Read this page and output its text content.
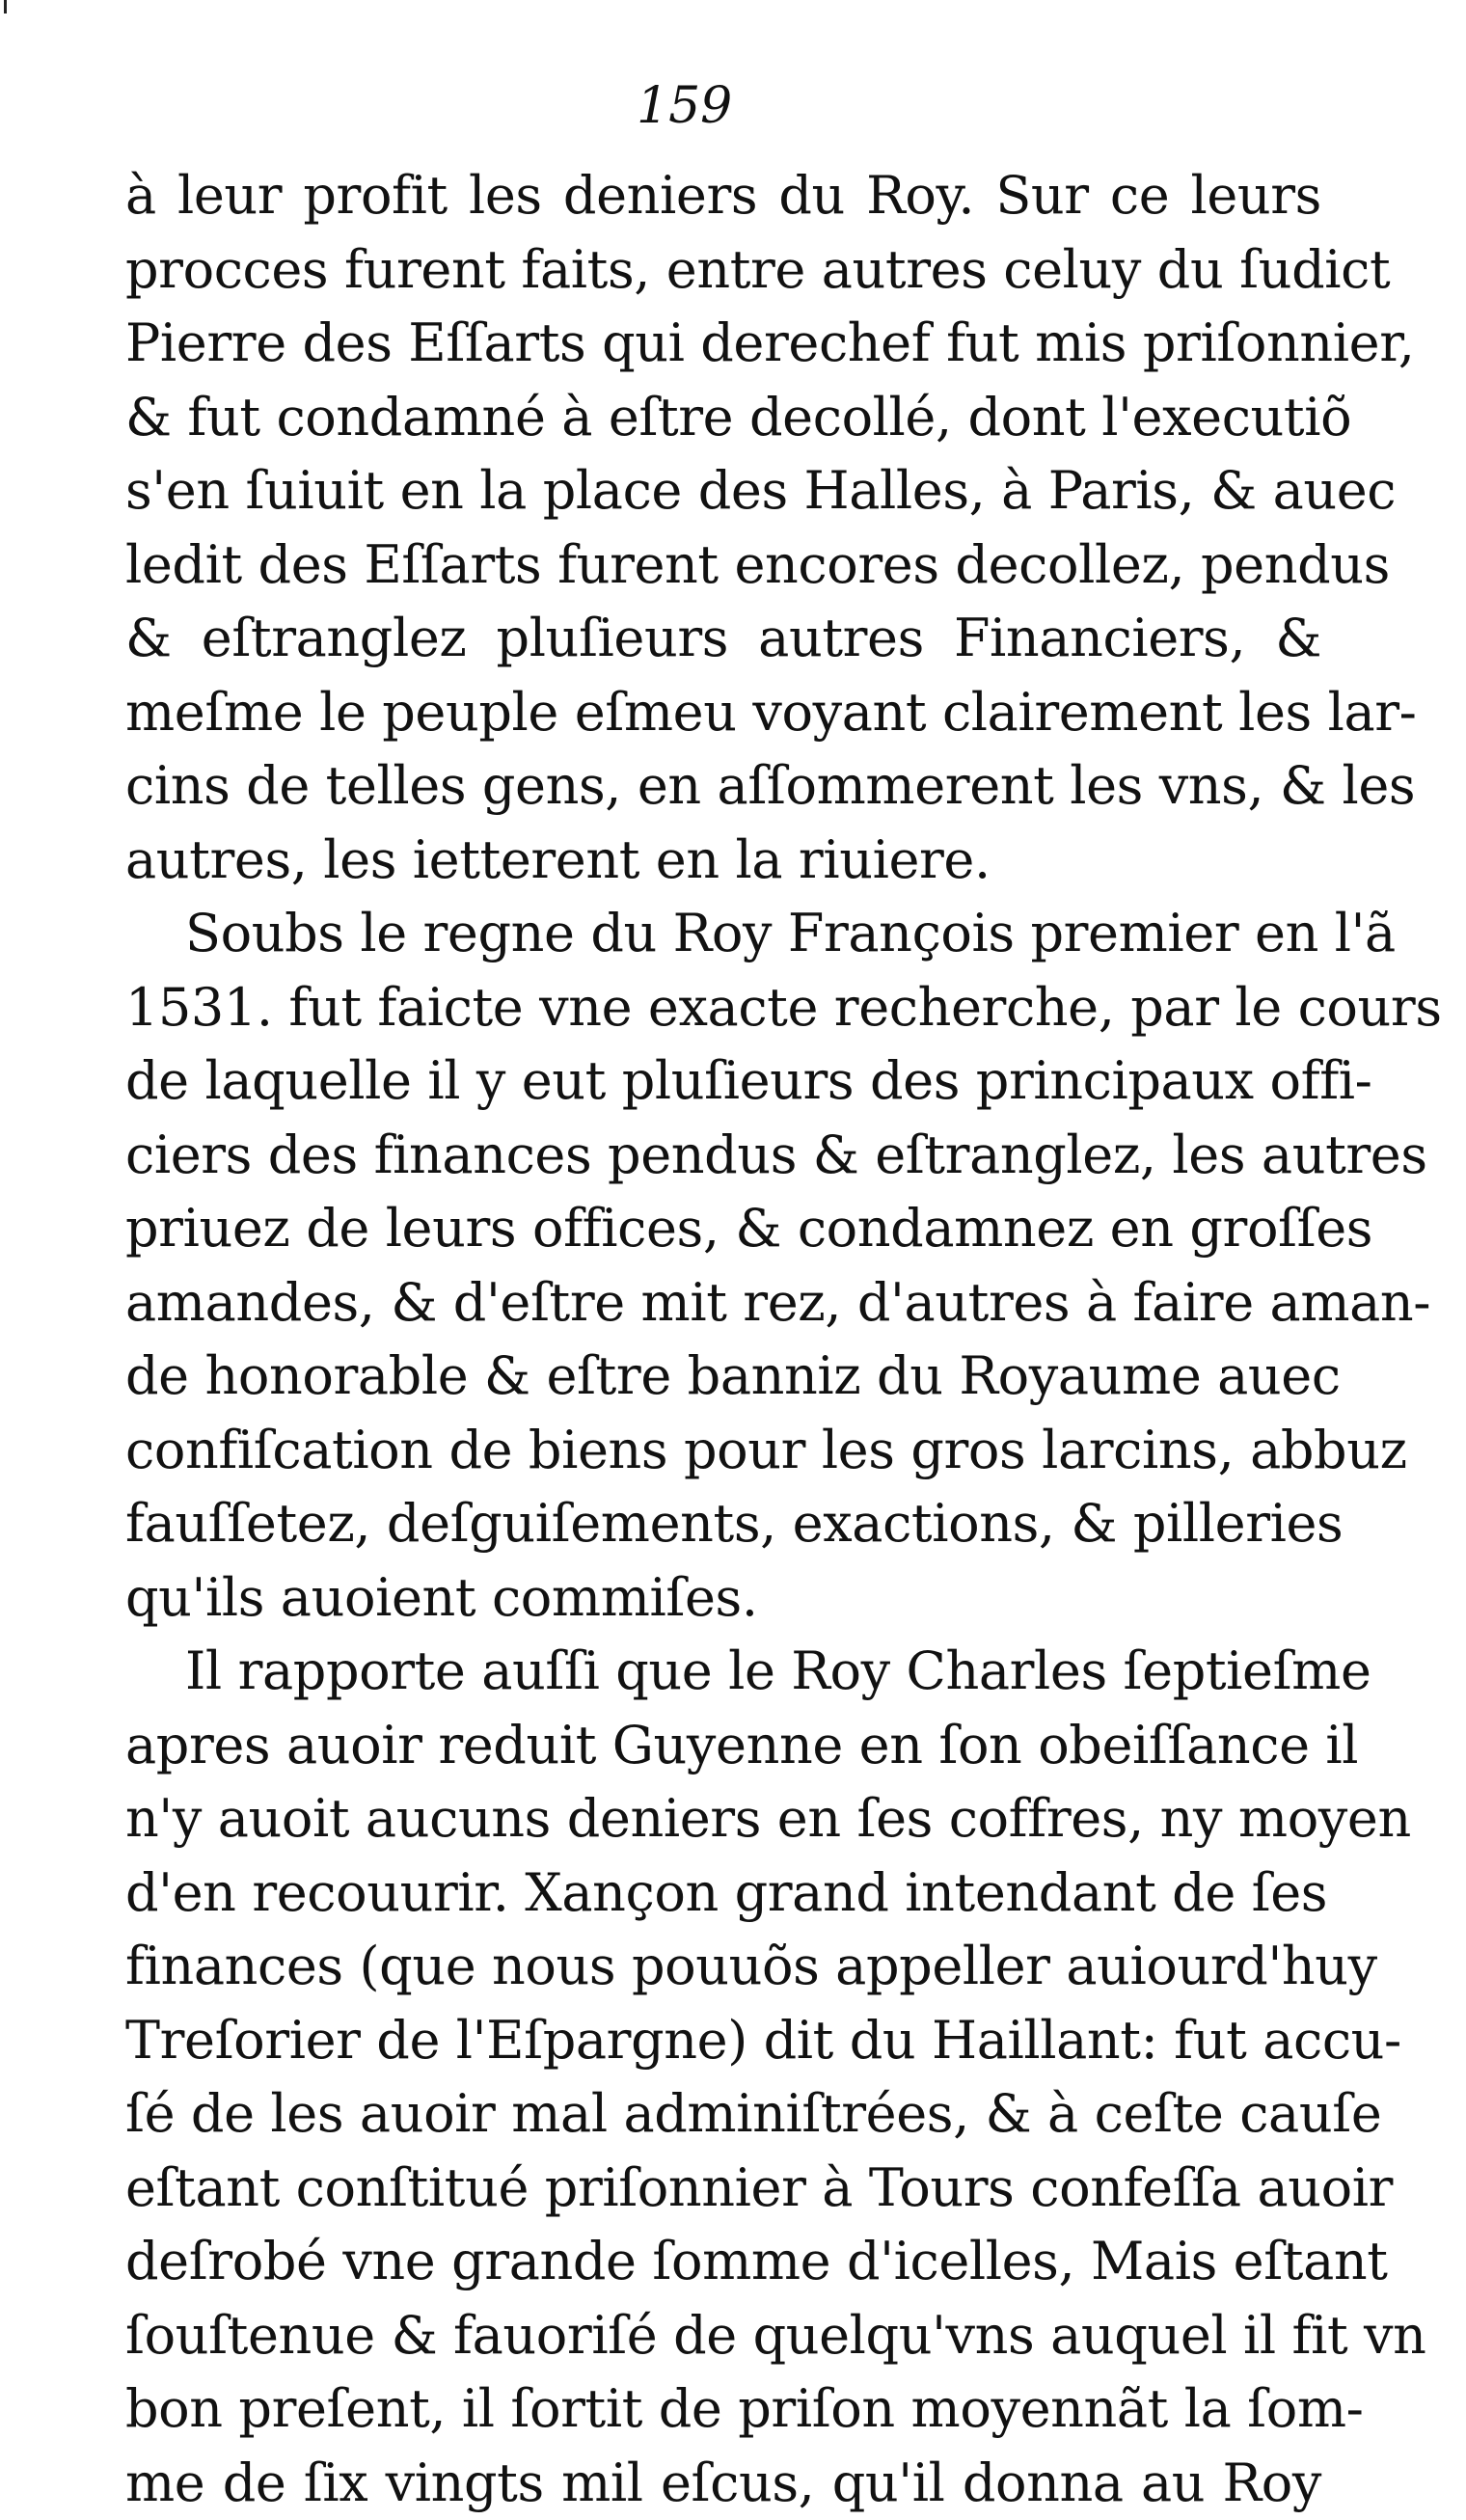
159
à leur profit les deniers du Roy. Sur ce leurs
procces furent faits, entre autres celuy du ſudict
Pierre des Eſſarts qui derechef fut mis priſonnier,
& fut condamné à eſtre decollé, dont l'executiõ
s'en ſuiuit en la place des Halles, à Paris, & auec
ledit des Eſſarts furent encores decollez, pendus
& eſtranglez pluſieurs autres Financiers, &
meſme le peuple eſmeu voyant clairement les lar-
cins de telles gens, en aſſommerent les vns, & les
autres, les ietterent en la riuiere.
Soubs le regne du Roy François premier en l'ã
1531. fut faicte vne exacte recherche, par le cours
de laquelle il y eut pluſieurs des principaux offi-
ciers des finances pendus & eſtranglez, les autres
priuez de leurs offices, & condamnez en groſſes
amandes, & d'eſtre mit rez, d'autres à faire aman-
de honorable & eſtre banniz du Royaume auec
confiſcation de biens pour les gros larcins, abbuz
fauſſetez, deſguiſements, exactions, & pilleries
qu'ils auoient commiſes.
Il rapporte auſſi que le Roy Charles ſeptieſme
apres auoir reduit Guyenne en ſon obeiſſance il
n'y auoit aucuns deniers en ſes coffres, ny moyen
d'en recouurir. Xançon grand intendant de ſes
finances (que nous pouuõs appeller auiourd'huy
Treſorier de l'Eſpargne) dit du Haillant: fut accu-
ſé de les auoir mal adminiſtrées, & à ceſte cauſe
eſtant conſtitué priſonnier à Tours confeſſa auoir
deſrobé vne grande ſomme d'icelles, Mais eſtant
ſouſtenue & fauoriſé de quelqu'vns auquel il fit vn
bon preſent, il ſortit de priſon moyennãt la ſom-
me de ſix vingts mil eſcus, qu'il donna au Roy
